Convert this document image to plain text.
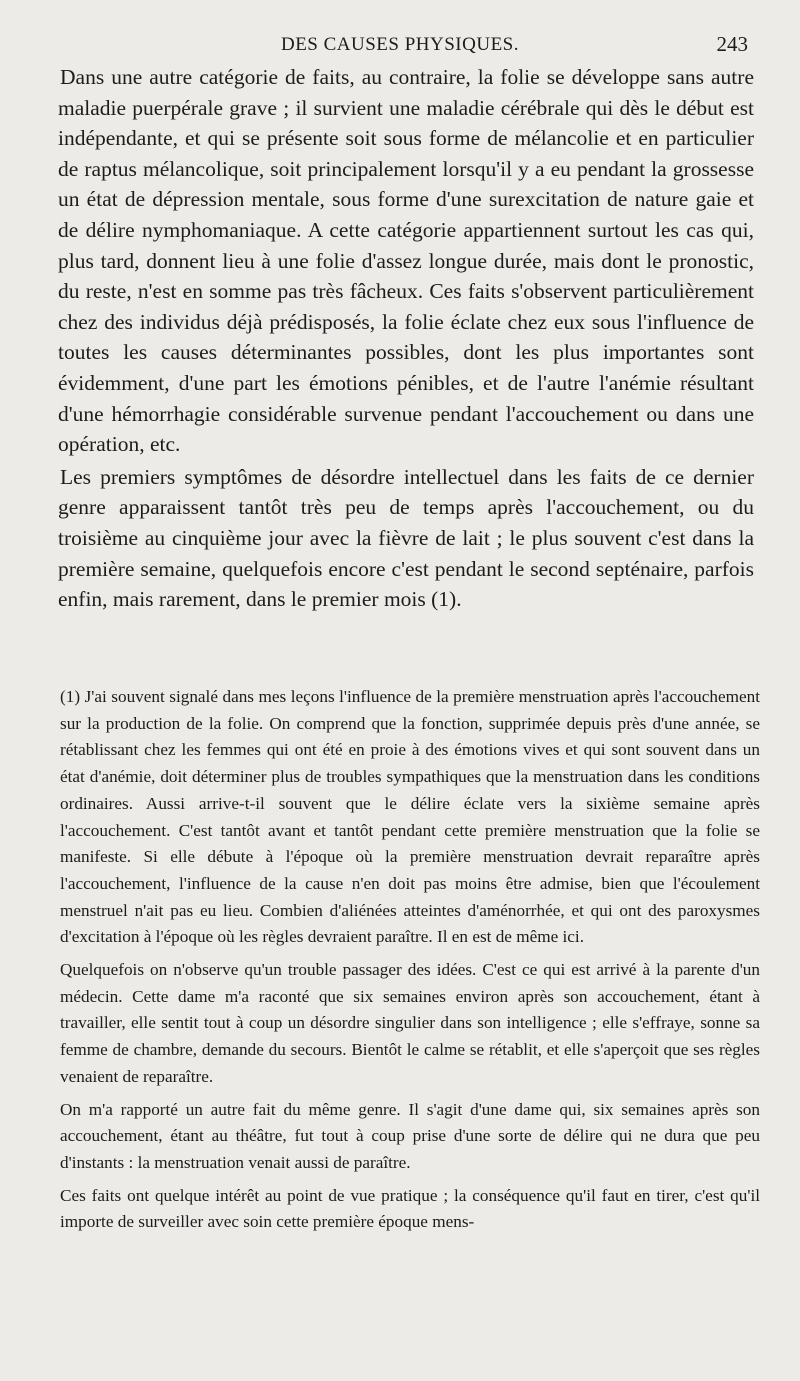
DES CAUSES PHYSIQUES.	243

Dans une autre catégorie de faits, au contraire, la folie se développe sans autre maladie puerpérale grave ; il survient une maladie cérébrale qui dès le début est indépendante, et qui se présente soit sous forme de mélancolie et en particulier de raptus mélancolique, soit principalement lorsqu'il y a eu pendant la grossesse un état de dépression mentale, sous forme d'une surexcitation de nature gaie et de délire nymphomaniaque. A cette catégorie appartiennent surtout les cas qui, plus tard, donnent lieu à une folie d'assez longue durée, mais dont le pronostic, du reste, n'est en somme pas très fâcheux. Ces faits s'observent particulièrement chez des individus déjà prédisposés, la folie éclate chez eux sous l'influence de toutes les causes déterminantes possibles, dont les plus importantes sont évidemment, d'une part les émotions pénibles, et de l'autre l'anémie résultant d'une hémorrhagie considérable survenue pendant l'accouchement ou dans une opération, etc.

Les premiers symptômes de désordre intellectuel dans les faits de ce dernier genre apparaissent tantôt très peu de temps après l'accouchement, ou du troisième au cinquième jour avec la fièvre de lait ; le plus souvent c'est dans la première semaine, quelquefois encore c'est pendant le second septénaire, parfois enfin, mais rarement, dans le premier mois (1).

(1) J'ai souvent signalé dans mes leçons l'influence de la première menstruation après l'accouchement sur la production de la folie. On comprend que la fonction, supprimée depuis près d'une année, se rétablissant chez les femmes qui ont été en proie à des émotions vives et qui sont souvent dans un état d'anémie, doit déterminer plus de troubles sympathiques que la menstruation dans les conditions ordinaires. Aussi arrive-t-il souvent que le délire éclate vers la sixième semaine après l'accouchement. C'est tantôt avant et tantôt pendant cette première menstruation que la folie se manifeste. Si elle débute à l'époque où la première menstruation devrait reparaître après l'accouchement, l'influence de la cause n'en doit pas moins être admise, bien que l'écoulement menstruel n'ait pas eu lieu. Combien d'aliénées atteintes d'aménorrhée, et qui ont des paroxysmes d'excitation à l'époque où les règles devraient paraître. Il en est de même ici.

Quelquefois on n'observe qu'un trouble passager des idées. C'est ce qui est arrivé à la parente d'un médecin. Cette dame m'a raconté que six semaines environ après son accouchement, étant à travailler, elle sentit tout à coup un désordre singulier dans son intelligence ; elle s'effraye, sonne sa femme de chambre, demande du secours. Bientôt le calme se rétablit, et elle s'aperçoit que ses règles venaient de reparaître.

On m'a rapporté un autre fait du même genre. Il s'agit d'une dame qui, six semaines après son accouchement, étant au théâtre, fut tout à coup prise d'une sorte de délire qui ne dura que peu d'instants : la menstruation venait aussi de paraître.

Ces faits ont quelque intérêt au point de vue pratique ; la conséquence qu'il faut en tirer, c'est qu'il importe de surveiller avec soin cette première époque mens-
